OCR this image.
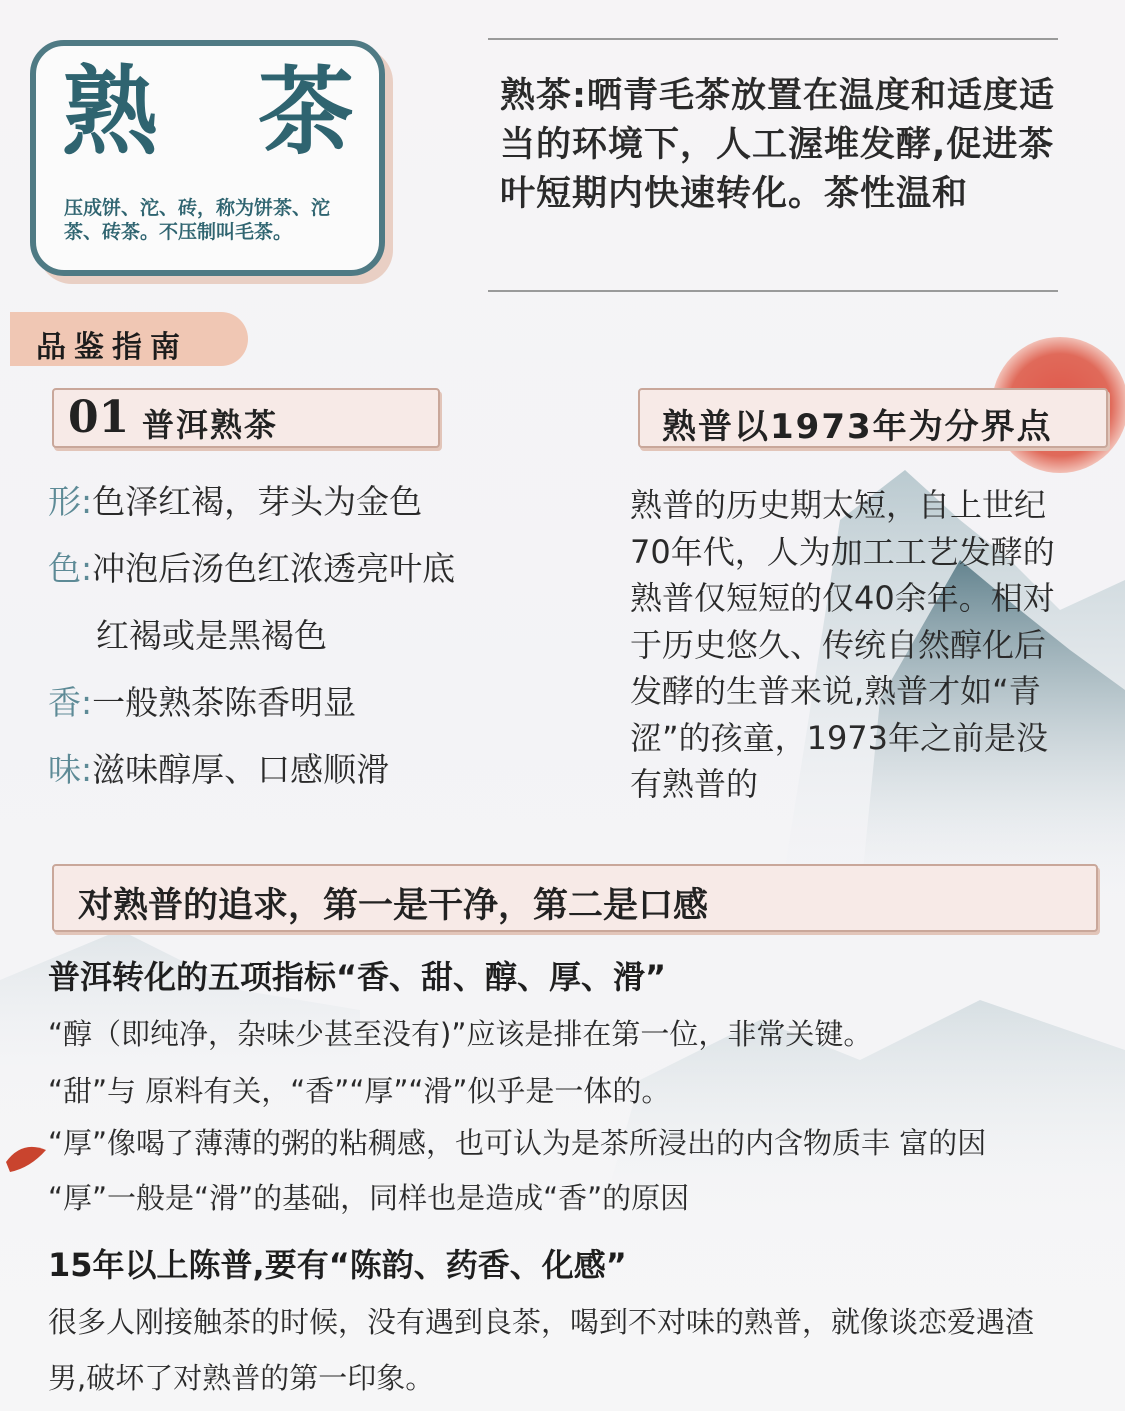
熟 茶
压成饼、沱、砖，称为饼茶、沱茶、砖茶。不压制叫毛茶。
熟茶:晒青毛茶放置在温度和适度适当的环境下，人工渥堆发酵,促进茶叶短期内快速转化。茶性温和
品鉴指南
01 普洱熟茶	熟普以1973年为分界点
形:色泽红褐，芽头为金色
色:冲泡后汤色红浓透亮叶底
红褐或是黑褐色
香:一般熟茶陈香明显
味:滋味醇厚、口感顺滑
熟普的历史期太短，自上世纪
70年代，人为加工工艺发酵的
熟普仅短短的仅40余年。相对
于历史悠久、传统自然醇化后
发酵的生普来说,熟普才如“青
涩”的孩童，1973年之前是没
有熟普的
对熟普的追求，第一是干净，第二是口感
普洱转化的五项指标“香、甜、醇、厚、滑”
“醇（即纯净，杂味少甚至没有)”应该是排在第一位，非常关键。
“甜”与 原料有关，“香”“厚”“滑”似乎是一体的。
“厚”像喝了薄薄的粥的粘稠感，也可认为是茶所浸出的内含物质丰 富的因
“厚”一般是“滑”的基础，同样也是造成“香”的原因
15年以上陈普,要有“陈韵、药香、化感”
很多人刚接触茶的时候，没有遇到良茶，喝到不对味的熟普，就像谈恋爱遇渣
男,破坏了对熟普的第一印象。
